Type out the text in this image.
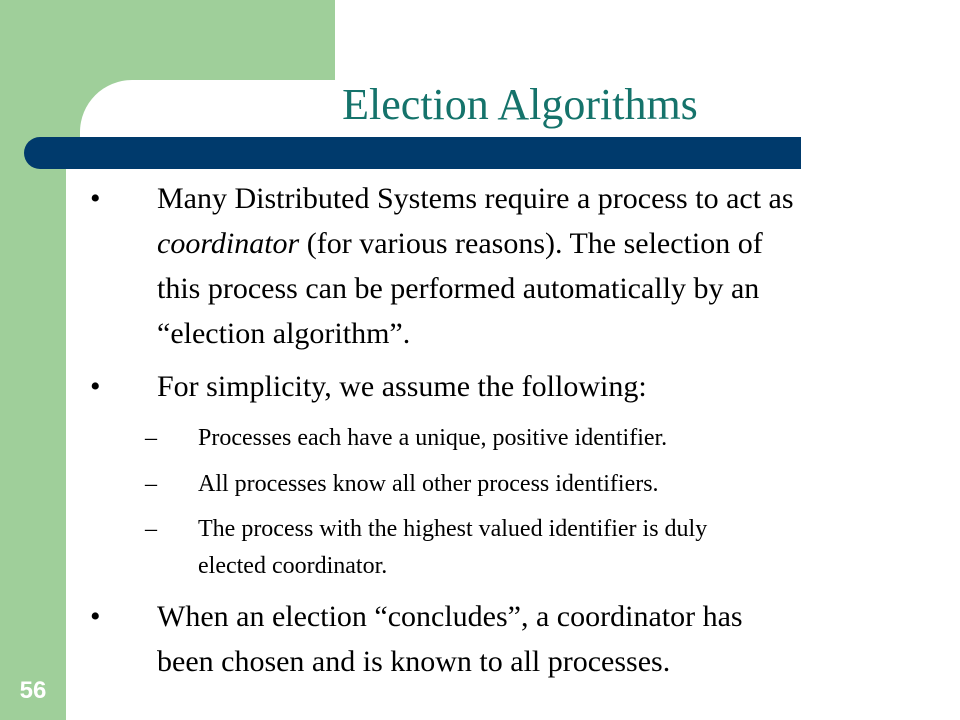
Election Algorithms
56
• Many Distributed Systems require a process to act as
coordinator (for various reasons). The selection of
this process can be performed automatically by an
“election algorithm”.
• For simplicity, we assume the following:
– Processes each have a unique, positive identifier.
– All processes know all other process identifiers.
– The process with the highest valued identifier is duly
elected coordinator.
• When an election “concludes”, a coordinator has
been chosen and is known to all processes.
